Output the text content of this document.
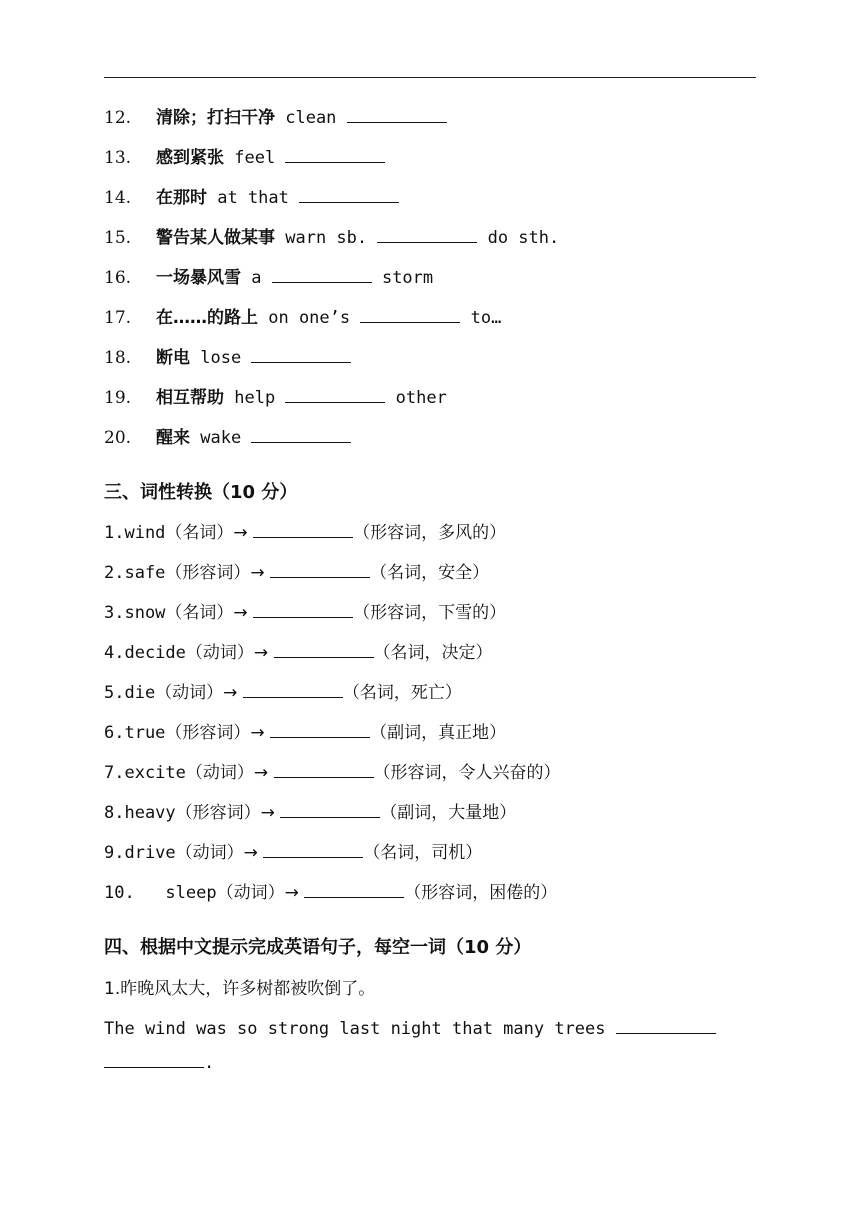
12. 清除；打扫干净 clean
13. 感到紧张 feel
14. 在那时 at that
15. 警告某人做某事 warn sb.	do sth.
16. 一场暴风雪 a	storm
17. 在……的路上 on one’s	to…
18. 断电 lose
19. 相互帮助 help	other
20. 醒来 wake
三、词性转换（10 分）
1.wind（名词）→	（形容词，多风的）
2.safe（形容词）→	（名词，安全）
3.snow（名词）→	（形容词，下雪的）
4.decide（动词）→	（名词，决定）
5.die（动词）→	（名词，死亡）
6.true（形容词）→	（副词，真正地）
7.excite（动词）→	（形容词，令人兴奋的）
8.heavy（形容词）→	（副词，大量地）
9.drive（动词）→	（名词，司机）
10.   sleep（动词）→	（形容词，困倦的）
四、根据中文提示完成英语句子，每空一词（10 分）
1.昨晚风太大，许多树都被吹倒了。
The wind was so strong last night that many trees
.
